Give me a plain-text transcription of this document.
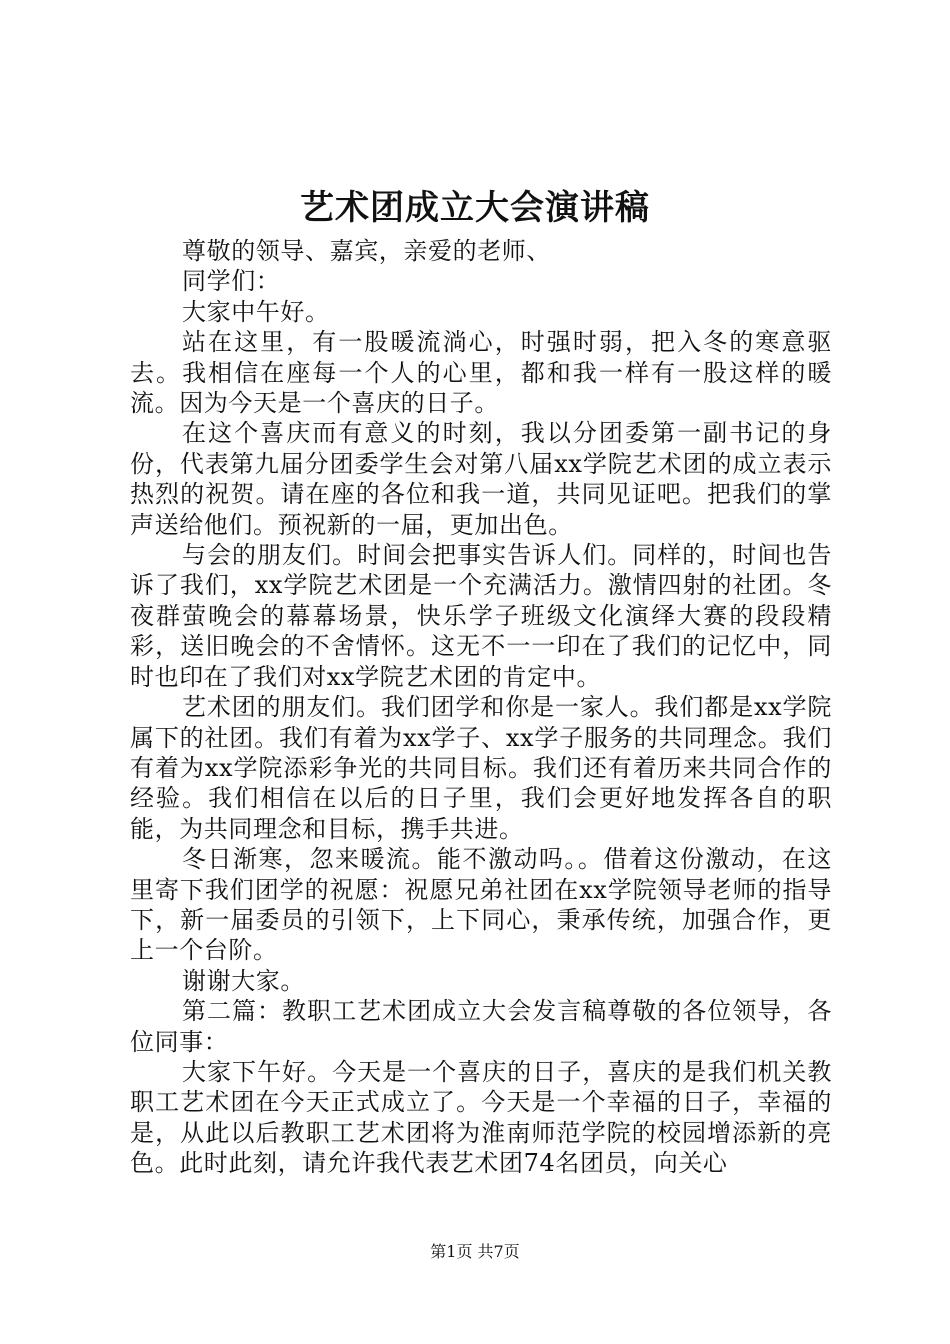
艺术团成立大会演讲稿

尊敬的领导、嘉宾，亲爱的老师、

同学们：

大家中午好。

站在这里，有一股暖流淌心，时强时弱，把入冬的寒意驱去。我相信在座每一个人的心里，都和我一样有一股这样的暖流。因为今天是一个喜庆的日子。

在这个喜庆而有意义的时刻，我以分团委第一副书记的身份，代表第九届分团委学生会对第八届xx学院艺术团的成立表示热烈的祝贺。请在座的各位和我一道，共同见证吧。把我们的掌声送给他们。预祝新的一届，更加出色。

与会的朋友们。时间会把事实告诉人们。同样的，时间也告诉了我们，xx学院艺术团是一个充满活力。激情四射的社团。冬夜群萤晚会的幕幕场景，快乐学子班级文化演绎大赛的段段精彩，送旧晚会的不舍情怀。这无不一一印在了我们的记忆中，同时也印在了我们对xx学院艺术团的肯定中。

艺术团的朋友们。我们团学和你是一家人。我们都是xx学院属下的社团。我们有着为xx学子、xx学子服务的共同理念。我们有着为xx学院添彩争光的共同目标。我们还有着历来共同合作的经验。我们相信在以后的日子里，我们会更好地发挥各自的职能，为共同理念和目标，携手共进。

冬日渐寒，忽来暖流。能不激动吗。。借着这份激动，在这里寄下我们团学的祝愿：祝愿兄弟社团在xx学院领导老师的指导下，新一届委员的引领下，上下同心，秉承传统，加强合作，更上一个台阶。

谢谢大家。

第二篇：教职工艺术团成立大会发言稿尊敬的各位领导，各位同事：

大家下午好。今天是一个喜庆的日子，喜庆的是我们机关教职工艺术团在今天正式成立了。今天是一个幸福的日子，幸福的是，从此以后教职工艺术团将为淮南师范学院的校园增添新的亮色。此时此刻，请允许我代表艺术团74名团员，向关心

第1页 共7页
